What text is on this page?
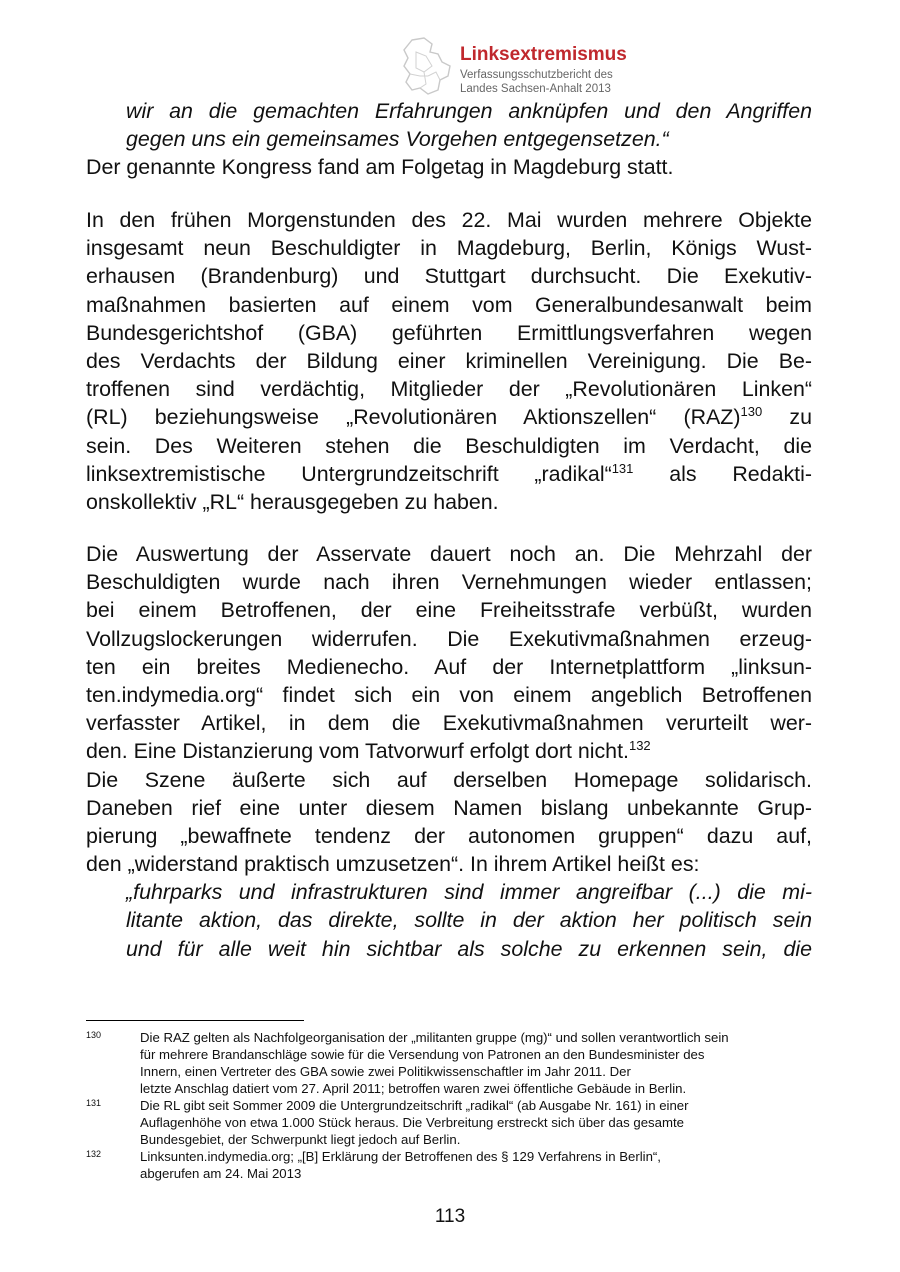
Linksextremismus
Verfassungsschutzbericht des
Landes Sachsen-Anhalt 2013
wir an die gemachten Erfahrungen anknüpfen und den Angriffen
gegen uns ein gemeinsames Vorgehen entgegensetzen.“
Der genannte Kongress fand am Folgetag in Magdeburg statt.
In den frühen Morgenstunden des 22. Mai wurden mehrere Objekte
insgesamt neun Beschuldigter in Magdeburg, Berlin, Königs Wust-
erhausen (Brandenburg) und Stuttgart durchsucht. Die Exekutiv-
maßnahmen basierten auf einem vom Generalbundesanwalt beim
Bundesgerichtshof (GBA) geführten Ermittlungsverfahren wegen
des Verdachts der Bildung einer kriminellen Vereinigung. Die Be-
troffenen sind verdächtig, Mitglieder der „Revolutionären Linken“
(RL) beziehungsweise „Revolutionären Aktionszellen“ (RAZ)$^{130}$ zu
sein. Des Weiteren stehen die Beschuldigten im Verdacht, die
linksextremistische Untergrundzeitschrift „radikal“$^{131}$ als Redakti-
onskollektiv „RL“ herausgegeben zu haben.
Die Auswertung der Asservate dauert noch an. Die Mehrzahl der
Beschuldigten wurde nach ihren Vernehmungen wieder entlassen;
bei einem Betroffenen, der eine Freiheitsstrafe verbüßt, wurden
Vollzugslockerungen widerrufen. Die Exekutivmaßnahmen erzeug-
ten ein breites Medienecho. Auf der Internetplattform „linksun-
ten.indymedia.org“ findet sich ein von einem angeblich Betroffenen
verfasster Artikel, in dem die Exekutivmaßnahmen verurteilt wer-
den. Eine Distanzierung vom Tatvorwurf erfolgt dort nicht.$^{132}$
Die Szene äußerte sich auf derselben Homepage solidarisch.
Daneben rief eine unter diesem Namen bislang unbekannte Grup-
pierung „bewaffnete tendenz der autonomen gruppen“ dazu auf,
den „widerstand praktisch umzusetzen“. In ihrem Artikel heißt es:
„fuhrparks und infrastrukturen sind immer angreifbar (...) die mi-
litante aktion, das direkte, sollte in der aktion her politisch sein
und für alle weit hin sichtbar als solche zu erkennen sein, die
130	Die RAZ gelten als Nachfolgeorganisation der „militanten gruppe (mg)“ und sollen verantwortlich sein
für mehrere Brandanschläge sowie für die Versendung von Patronen an den Bundesminister des
Innern, einen Vertreter des GBA sowie zwei Politikwissenschaftler im Jahr 2011. Der
letzte Anschlag datiert vom 27. April 2011; betroffen waren zwei öffentliche Gebäude in Berlin.
131	Die RL gibt seit Sommer 2009 die Untergrundzeitschrift „radikal“ (ab Ausgabe Nr. 161) in einer
Auflagenhöhe von etwa 1.000 Stück heraus. Die Verbreitung erstreckt sich über das gesamte
Bundesgebiet, der Schwerpunkt liegt jedoch auf Berlin.
132	Linksunten.indymedia.org; „[B] Erklärung der Betroffenen des § 129 Verfahrens in Berlin“,
abgerufen am 24. Mai 2013
113
